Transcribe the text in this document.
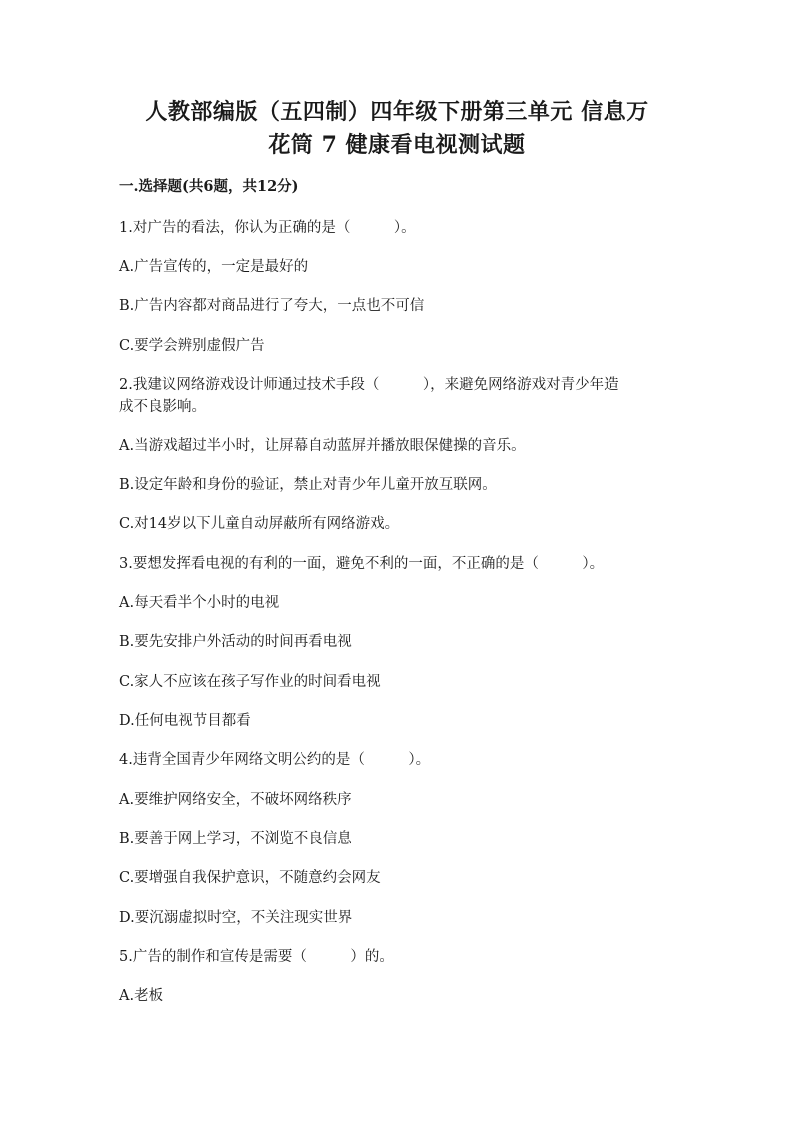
人教部编版（五四制）四年级下册第三单元 信息万
花筒 7 健康看电视测试题
一.选择题(共6题，共12分)
1.对广告的看法，你认为正确的是（　　　）。
A.广告宣传的，一定是最好的
B.广告内容都对商品进行了夸大，一点也不可信
C.要学会辨别虚假广告
2.我建议网络游戏设计师通过技术手段（　　　），来避免网络游戏对青少年造
成不良影响。
A.当游戏超过半小时，让屏幕自动蓝屏并播放眼保健操的音乐。
B.设定年龄和身份的验证，禁止对青少年儿童开放互联网。
C.对14岁以下儿童自动屏蔽所有网络游戏。
3.要想发挥看电视的有利的一面，避免不利的一面，不正确的是（　　　）。
A.每天看半个小时的电视
B.要先安排户外活动的时间再看电视
C.家人不应该在孩子写作业的时间看电视
D.任何电视节目都看
4.违背全国青少年网络文明公约的是（　　　）。
A.要维护网络安全，不破坏网络秩序
B.要善于网上学习，不浏览不良信息
C.要增强自我保护意识，不随意约会网友
D.要沉溺虚拟时空，不关注现实世界
5.广告的制作和宣传是需要（　　　）的。
A.老板
